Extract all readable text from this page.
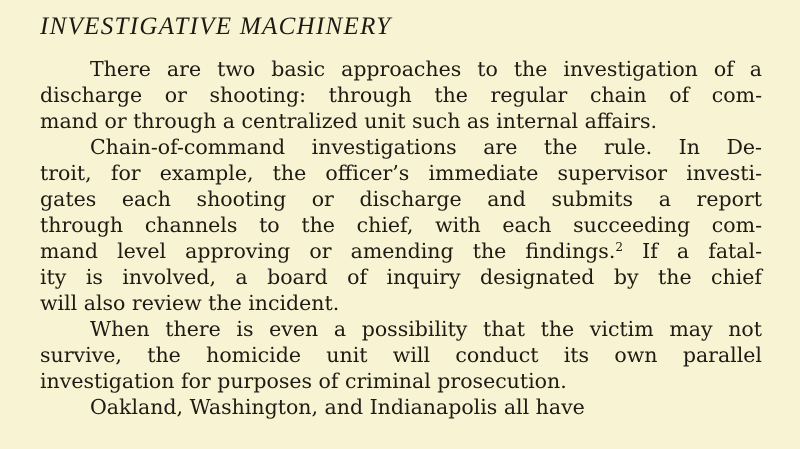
INVESTIGATIVE MACHINERY
There are two basic approaches to the investigation of a
discharge or shooting: through the regular chain of com-
mand or through a centralized unit such as internal affairs.
Chain-of-command investigations are the rule. In De-
troit, for example, the officer’s immediate supervisor investi-
gates each shooting or discharge and submits a report
through channels to the chief, with each succeeding com-
mand level approving or amending the findings.$^2$ If a fatal-
ity is involved, a board of inquiry designated by the chief
will also review the incident.
When there is even a possibility that the victim may not
survive, the homicide unit will conduct its own parallel
investigation for purposes of criminal prosecution.
Oakland, Washington, and Indianapolis all have
